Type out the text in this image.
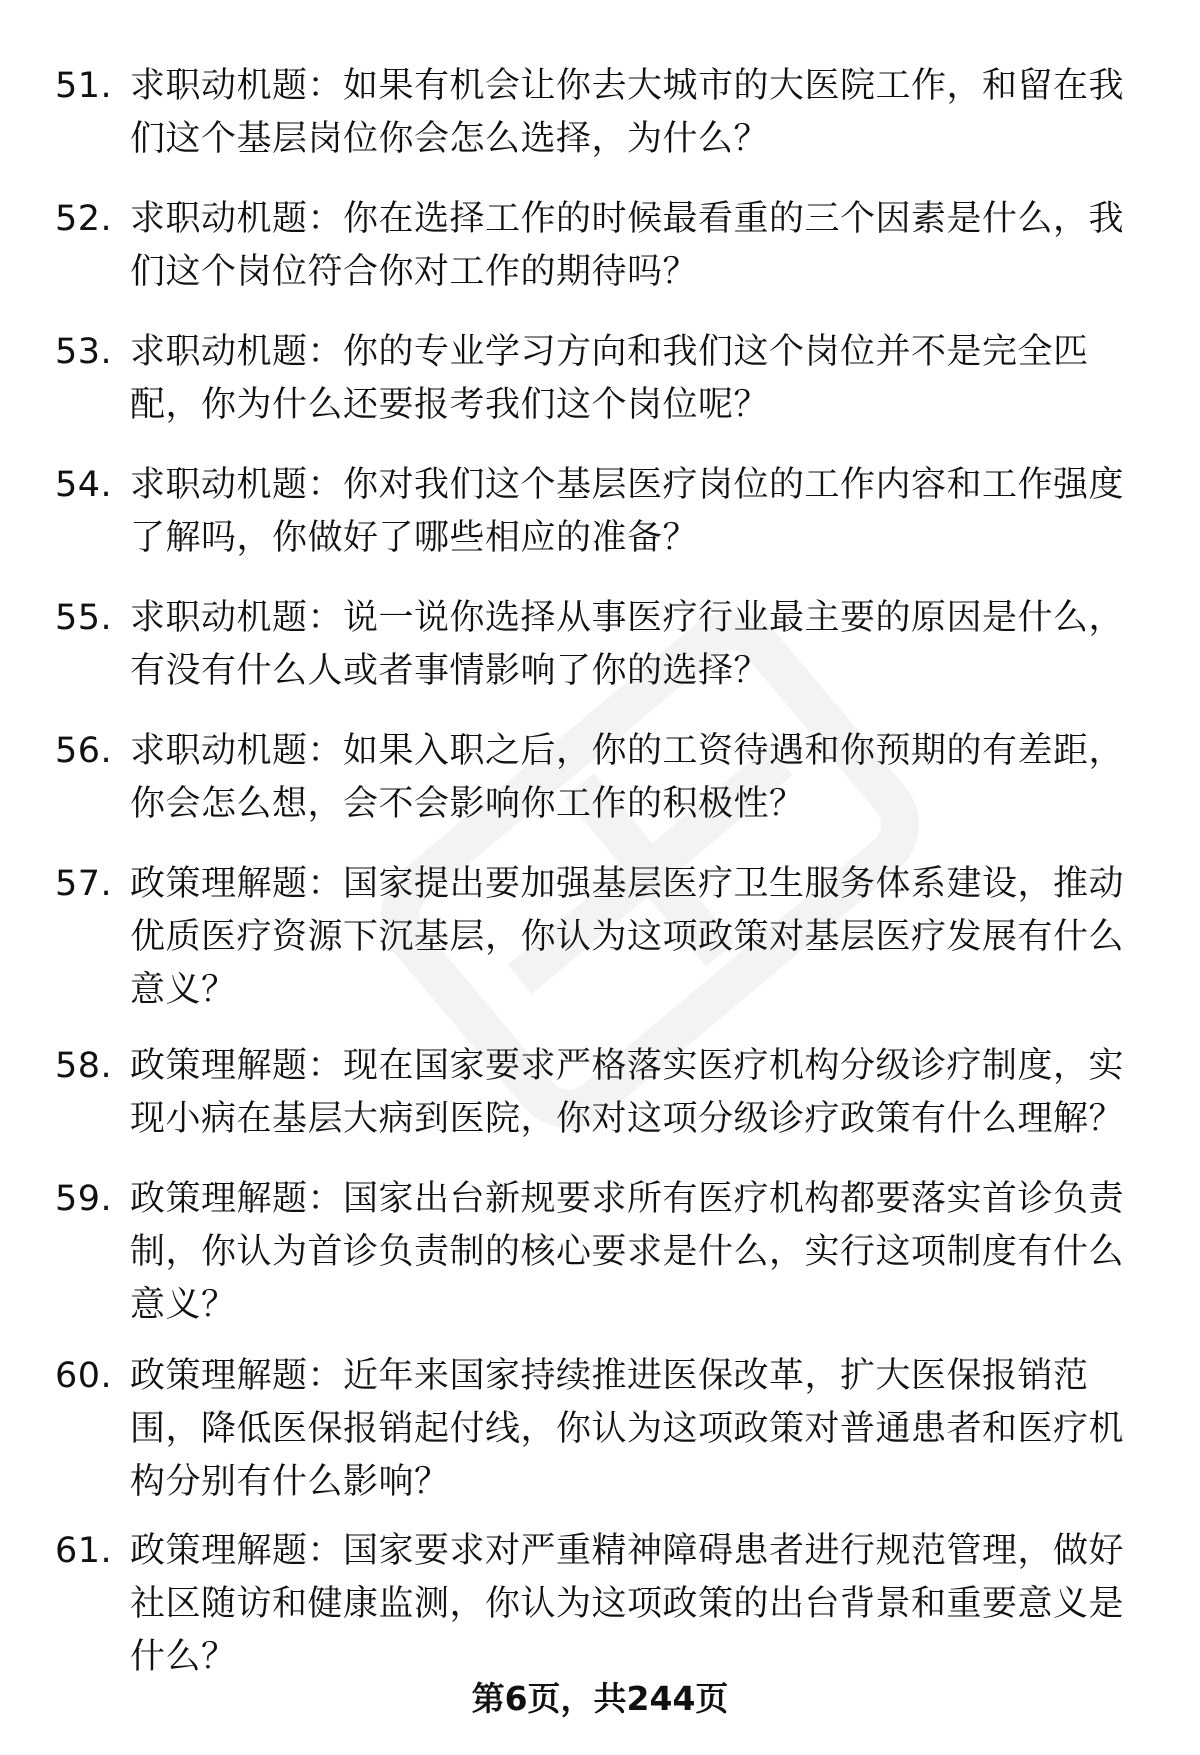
51. 求职动机题：如果有机会让你去大城市的大医院工作，和留在我们这个基层岗位你会怎么选择，为什么？
52. 求职动机题：你在选择工作的时候最看重的三个因素是什么，我们这个岗位符合你对工作的期待吗？
53. 求职动机题：你的专业学习方向和我们这个岗位并不是完全匹配，你为什么还要报考我们这个岗位呢？
54. 求职动机题：你对我们这个基层医疗岗位的工作内容和工作强度了解吗，你做好了哪些相应的准备？
55. 求职动机题：说一说你选择从事医疗行业最主要的原因是什么，有没有什么人或者事情影响了你的选择？
56. 求职动机题：如果入职之后，你的工资待遇和你预期的有差距，你会怎么想，会不会影响你工作的积极性？
57. 政策理解题：国家提出要加强基层医疗卫生服务体系建设，推动优质医疗资源下沉基层，你认为这项政策对基层医疗发展有什么意义？
58. 政策理解题：现在国家要求严格落实医疗机构分级诊疗制度，实现小病在基层大病到医院，你对这项分级诊疗政策有什么理解？
59. 政策理解题：国家出台新规要求所有医疗机构都要落实首诊负责制，你认为首诊负责制的核心要求是什么，实行这项制度有什么意义？
60. 政策理解题：近年来国家持续推进医保改革，扩大医保报销范围，降低医保报销起付线，你认为这项政策对普通患者和医疗机构分别有什么影响？
61. 政策理解题：国家要求对严重精神障碍患者进行规范管理，做好社区随访和健康监测，你认为这项政策的出台背景和重要意义是什么？
第6页，共244页
